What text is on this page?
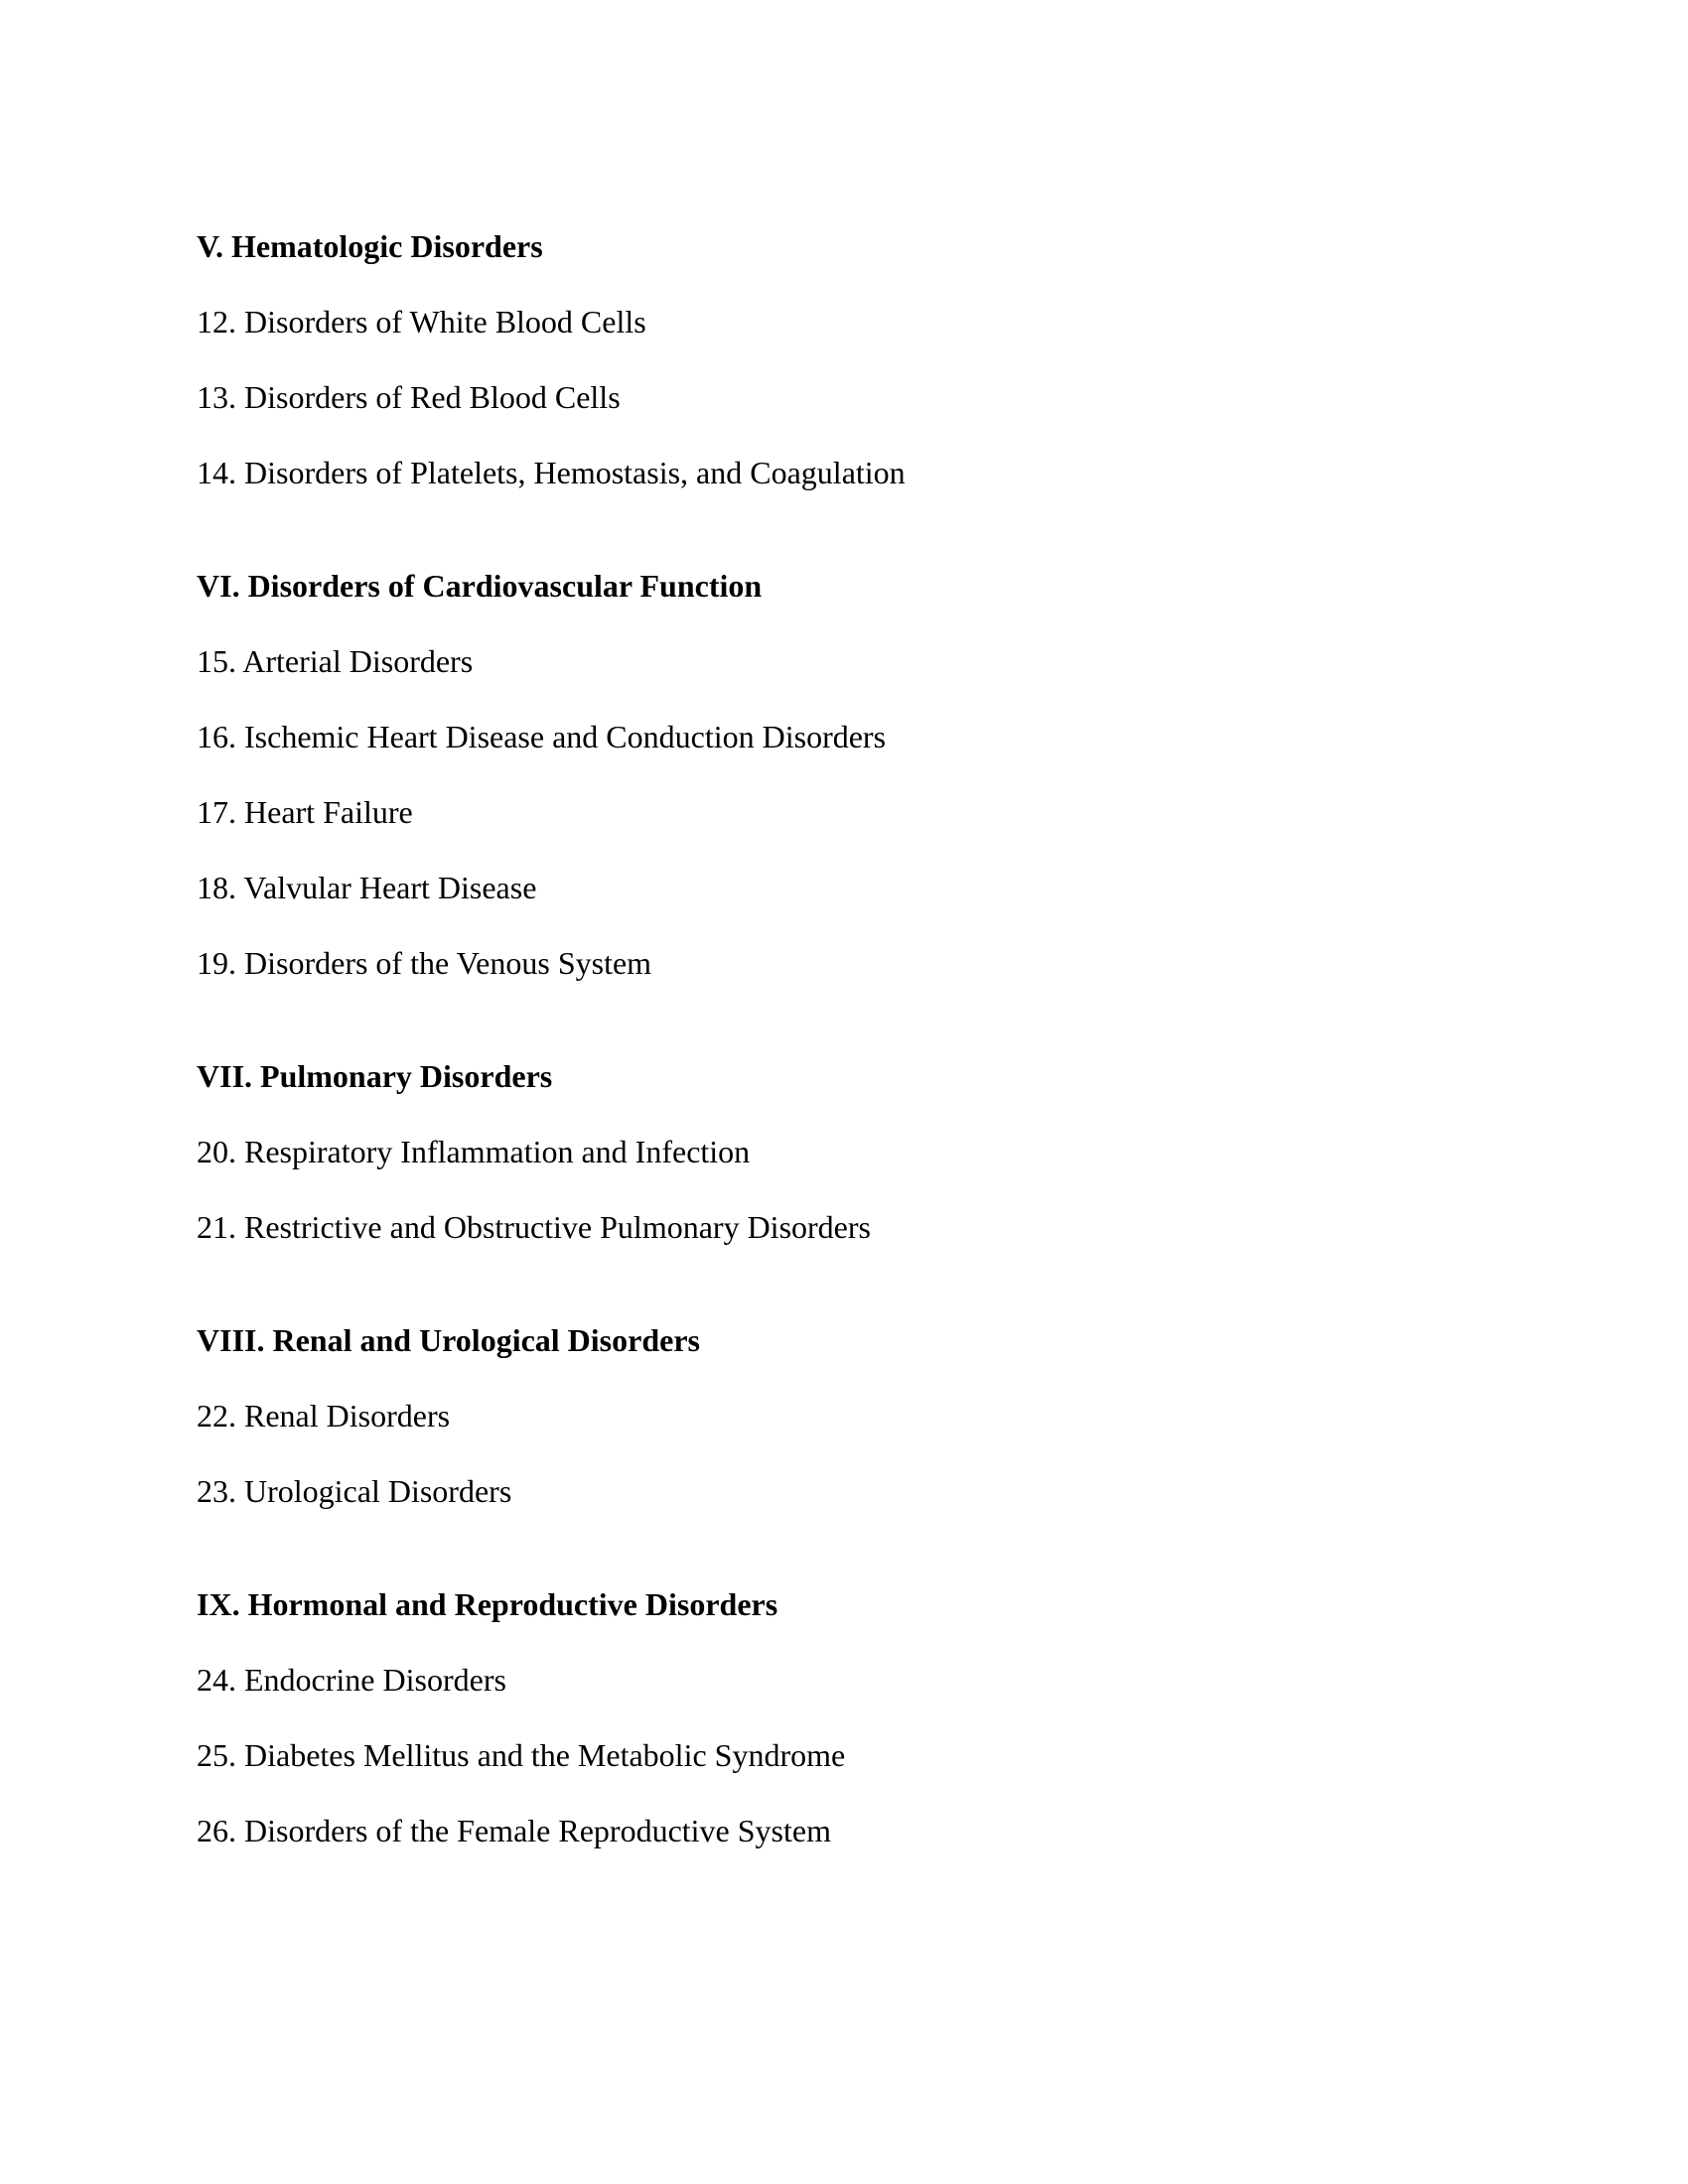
V. Hematologic Disorders
12. Disorders of White Blood Cells
13. Disorders of Red Blood Cells
14. Disorders of Platelets, Hemostasis, and Coagulation
VI. Disorders of Cardiovascular Function
15. Arterial Disorders
16. Ischemic Heart Disease and Conduction Disorders
17. Heart Failure
18. Valvular Heart Disease
19. Disorders of the Venous System
VII. Pulmonary Disorders
20. Respiratory Inflammation and Infection
21. Restrictive and Obstructive Pulmonary Disorders
VIII. Renal and Urological Disorders
22. Renal Disorders
23. Urological Disorders
IX. Hormonal and Reproductive Disorders
24. Endocrine Disorders
25. Diabetes Mellitus and the Metabolic Syndrome
26. Disorders of the Female Reproductive System
